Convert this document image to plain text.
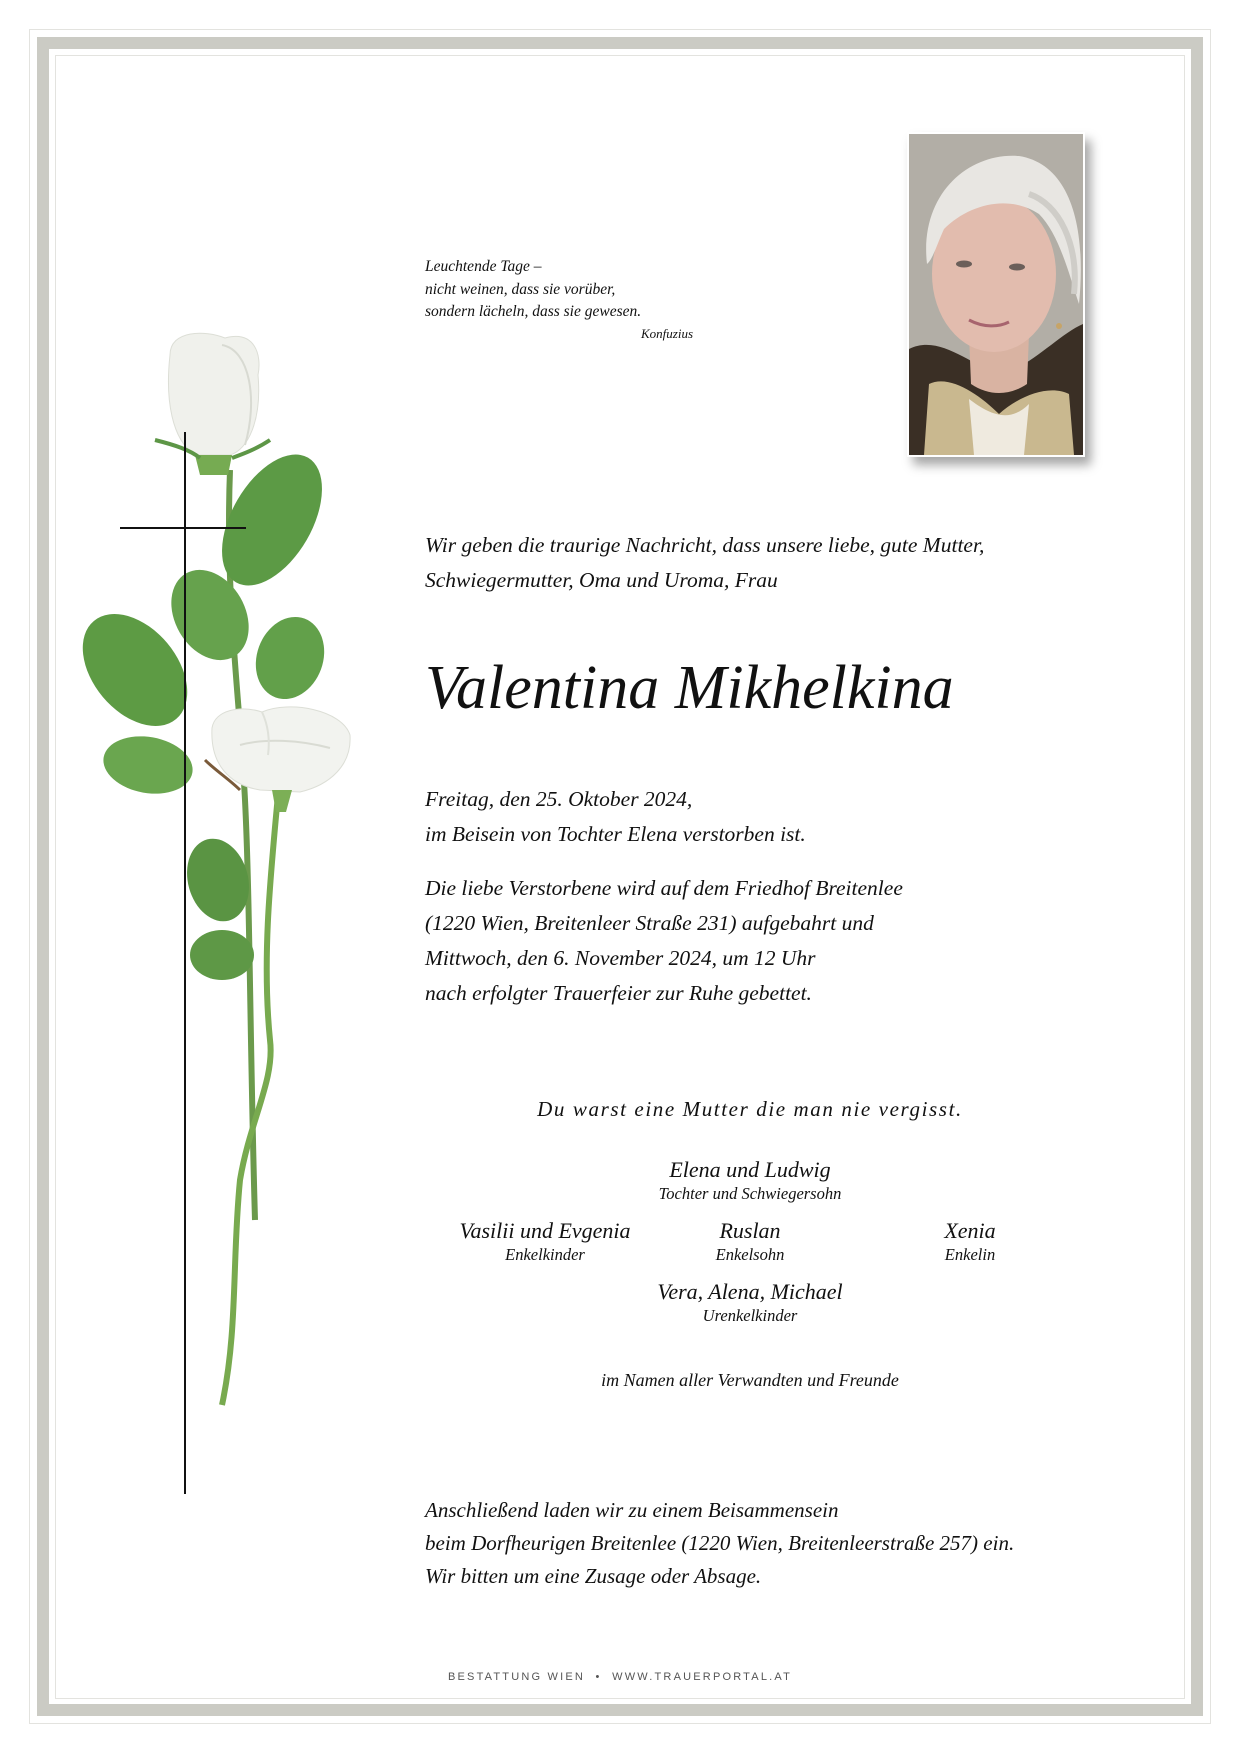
Leuchtende Tage –
nicht weinen, dass sie vorüber,
sondern lächeln, dass sie gewesen.
Konfuzius
Wir geben die traurige Nachricht, dass unsere liebe, gute Mutter,
Schwiegermutter, Oma und Uroma, Frau
Valentina Mikhelkina
Freitag, den 25. Oktober 2024,
im Beisein von Tochter Elena verstorben ist.
Die liebe Verstorbene wird auf dem Friedhof Breitenlee
(1220 Wien, Breitenleer Straße 231) aufgebahrt und
Mittwoch, den 6. November 2024, um 12 Uhr
nach erfolgter Trauerfeier zur Ruhe gebettet.
Du warst eine Mutter die man nie vergisst.
Elena und Ludwig
Tochter und Schwiegersohn
Vasilii und Evgenia
Enkelkinder
Ruslan
Enkelsohn
Xenia
Enkelin
Vera, Alena, Michael
Urenkelkinder
im Namen aller Verwandten und Freunde
Anschließend laden wir zu einem Beisammensein
beim Dorfheurigen Breitenlee (1220 Wien, Breitenleerstraße 257) ein.
Wir bitten um eine Zusage oder Absage.
BESTATTUNG WIEN  •  WWW.TRAUERPORTAL.AT
